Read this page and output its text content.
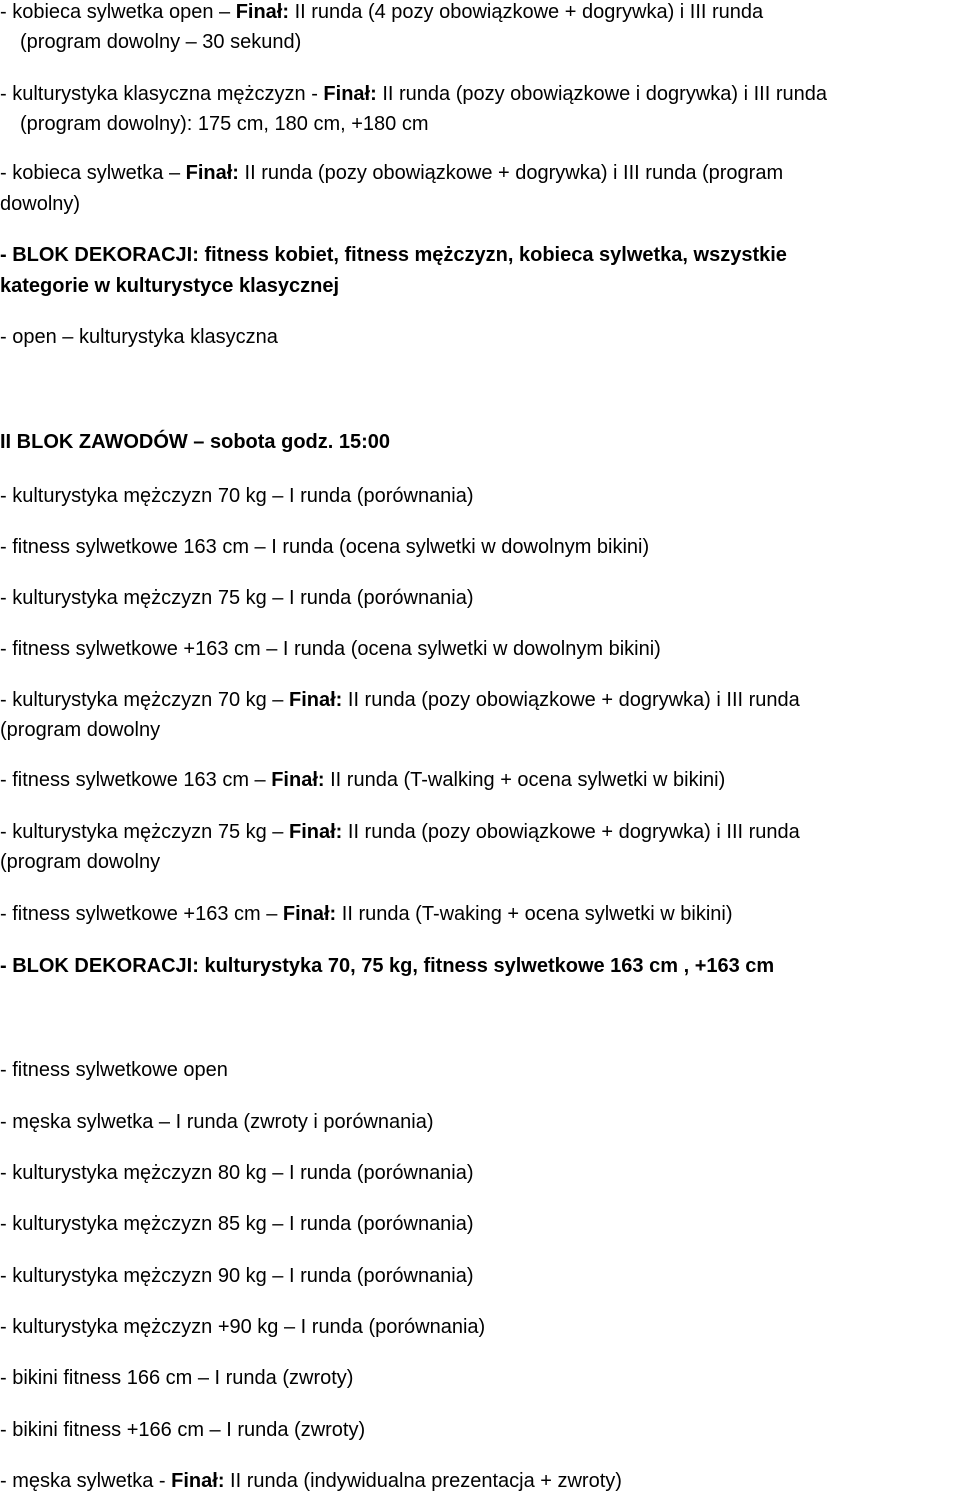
- kobieca sylwetka open – Finał: II runda (4 pozy obowiązkowe + dogrywka) i III runda
(program dowolny – 30 sekund)
- kulturystyka klasyczna mężczyzn - Finał: II runda (pozy obowiązkowe i dogrywka) i III runda
(program dowolny): 175 cm, 180 cm, +180 cm
- kobieca sylwetka – Finał: II runda (pozy obowiązkowe + dogrywka) i III runda (program
dowolny)
- BLOK DEKORACJI: fitness kobiet, fitness mężczyzn, kobieca sylwetka, wszystkie
kategorie w kulturystyce klasycznej
- open – kulturystyka klasyczna
II BLOK ZAWODÓW – sobota godz. 15:00
- kulturystyka mężczyzn 70 kg – I runda (porównania)
- fitness sylwetkowe 163 cm – I runda (ocena sylwetki w dowolnym bikini)
- kulturystyka mężczyzn 75 kg – I runda (porównania)
- fitness sylwetkowe +163 cm – I runda (ocena sylwetki w dowolnym bikini)
- kulturystyka mężczyzn 70 kg – Finał: II runda (pozy obowiązkowe + dogrywka) i III runda
(program dowolny
- fitness sylwetkowe 163 cm – Finał: II runda (T-walking + ocena sylwetki w bikini)
- kulturystyka mężczyzn 75 kg – Finał: II runda (pozy obowiązkowe + dogrywka) i III runda
(program dowolny
- fitness sylwetkowe +163 cm – Finał: II runda (T-waking + ocena sylwetki w bikini)
- BLOK DEKORACJI: kulturystyka 70, 75 kg, fitness sylwetkowe 163 cm , +163 cm
- fitness sylwetkowe open
- męska sylwetka – I runda (zwroty i porównania)
- kulturystyka mężczyzn 80 kg – I runda (porównania)
- kulturystyka mężczyzn 85 kg – I runda (porównania)
- kulturystyka mężczyzn 90 kg – I runda (porównania)
- kulturystyka mężczyzn +90 kg – I runda (porównania)
- bikini fitness 166 cm – I runda (zwroty)
- bikini fitness +166 cm – I runda (zwroty)
- męska sylwetka - Finał: II runda (indywidualna prezentacja + zwroty)
